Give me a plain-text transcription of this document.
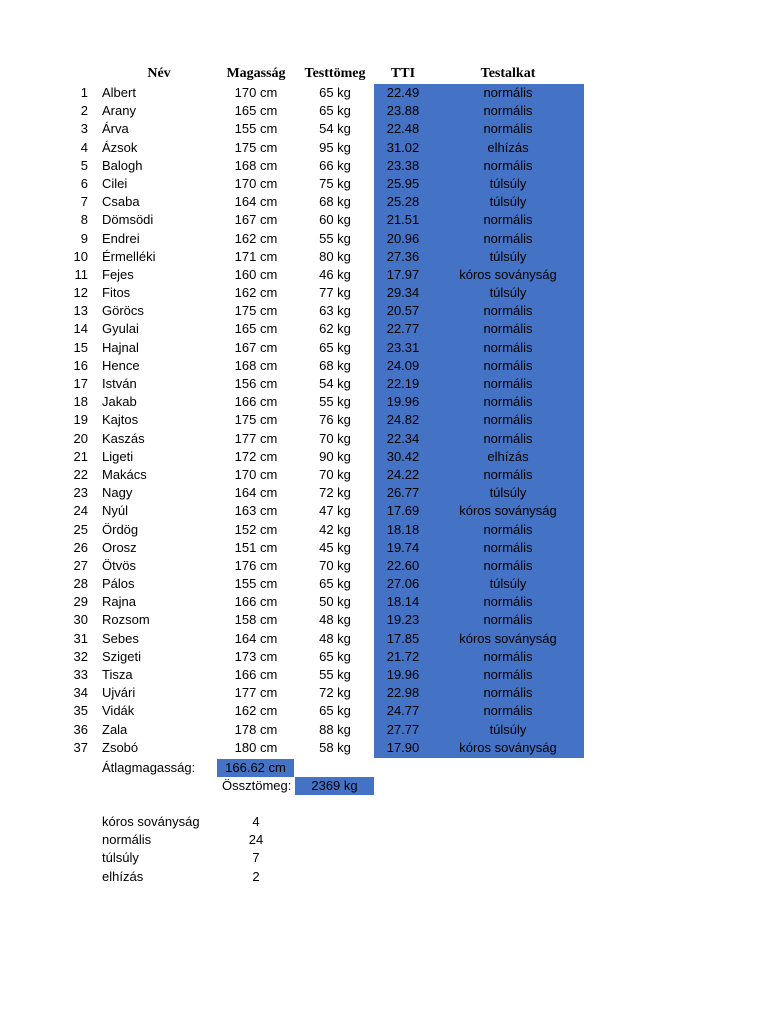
Név	Magasság	Testtömeg	TTI	Testalkat
1 Albert	170 cm	65 kg	22.49	normális
2 Arany	165 cm	65 kg	23.88	normális
3 Árva	155 cm	54 kg	22.48	normális
4 Ázsok	175 cm	95 kg	31.02	elhízás
5 Balogh	168 cm	66 kg	23.38	normális
6 Cilei	170 cm	75 kg	25.95	túlsúly
7 Csaba	164 cm	68 kg	25.28	túlsúly
8 Dömsödi	167 cm	60 kg	21.51	normális
9 Endrei	162 cm	55 kg	20.96	normális
10 Érmelléki	171 cm	80 kg	27.36	túlsúly
11 Fejes	160 cm	46 kg	17.97	kóros soványság
12 Fitos	162 cm	77 kg	29.34	túlsúly
13 Göröcs	175 cm	63 kg	20.57	normális
14 Gyulai	165 cm	62 kg	22.77	normális
15 Hajnal	167 cm	65 kg	23.31	normális
16 Hence	168 cm	68 kg	24.09	normális
17 István	156 cm	54 kg	22.19	normális
18 Jakab	166 cm	55 kg	19.96	normális
19 Kajtos	175 cm	76 kg	24.82	normális
20 Kaszás	177 cm	70 kg	22.34	normális
21 Ligeti	172 cm	90 kg	30.42	elhízás
22 Makács	170 cm	70 kg	24.22	normális
23 Nagy	164 cm	72 kg	26.77	túlsúly
24 Nyúl	163 cm	47 kg	17.69	kóros soványság
25 Ördög	152 cm	42 kg	18.18	normális
26 Orosz	151 cm	45 kg	19.74	normális
27 Ötvös	176 cm	70 kg	22.60	normális
28 Pálos	155 cm	65 kg	27.06	túlsúly
29 Rajna	166 cm	50 kg	18.14	normális
30 Rozsom	158 cm	48 kg	19.23	normális
31 Sebes	164 cm	48 kg	17.85	kóros soványság
32 Szigeti	173 cm	65 kg	21.72	normális
33 Tisza	166 cm	55 kg	19.96	normális
34 Ujvári	177 cm	72 kg	22.98	normális
35 Vidák	162 cm	65 kg	24.77	normális
36 Zala	178 cm	88 kg	27.77	túlsúly
37 Zsobó	180 cm	58 kg	17.90	kóros soványság
Átlagmagasság:	166.62 cm
Össztömeg:	2369 kg
kóros soványság	4
normális	24
túlsúly	7
elhízás	2
